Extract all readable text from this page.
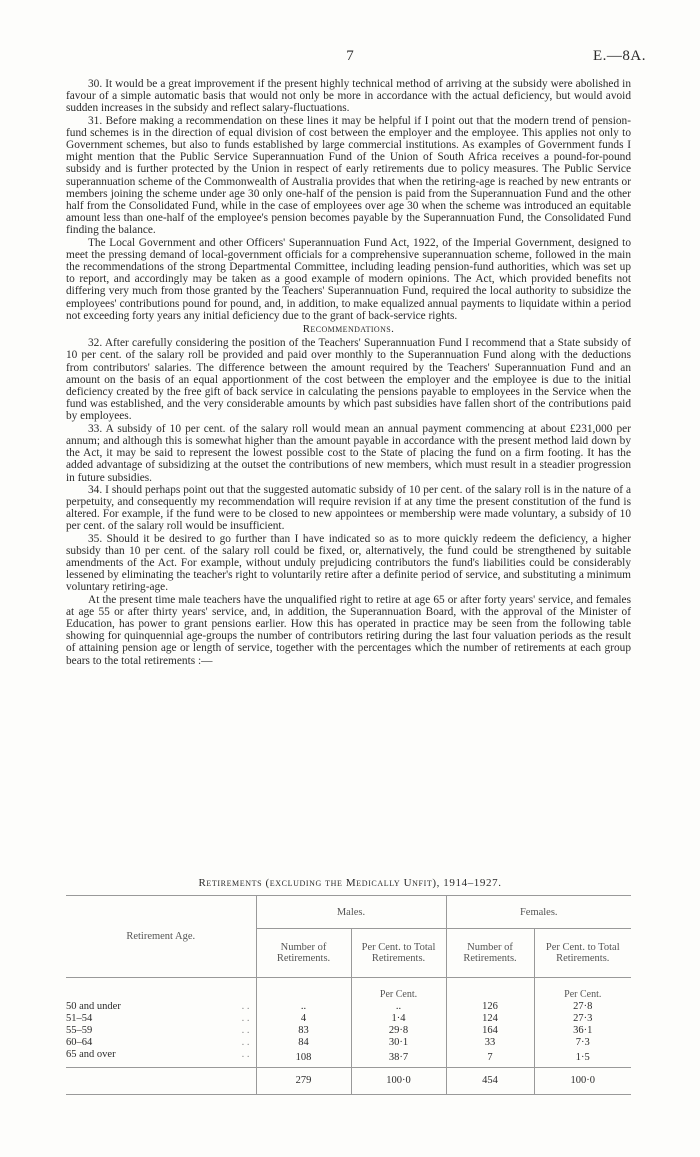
7	E.—8A.

30. It would be a great improvement if the present highly technical method of arriving at the subsidy were abolished in favour of a simple automatic basis that would not only be more in accordance with the actual deficiency, but would avoid sudden increases in the subsidy and reflect salary-fluctuations.

31. Before making a recommendation on these lines it may be helpful if I point out that the modern trend of pension-fund schemes is in the direction of equal division of cost between the employer and the employee. This applies not only to Government schemes, but also to funds established by large commercial institutions. As examples of Government funds I might mention that the Public Service Superannuation Fund of the Union of South Africa receives a pound-for-pound subsidy and is further protected by the Union in respect of early retirements due to policy measures. The Public Service superannuation scheme of the Commonwealth of Australia provides that when the retiring-age is reached by new entrants or members joining the scheme under age 30 only one-half of the pension is paid from the Superannuation Fund and the other half from the Consolidated Fund, while in the case of employees over age 30 when the scheme was introduced an equitable amount less than one-half of the employee's pension becomes payable by the Superannuation Fund, the Consolidated Fund finding the balance.

The Local Government and other Officers' Superannuation Fund Act, 1922, of the Imperial Government, designed to meet the pressing demand of local-government officials for a comprehensive superannuation scheme, followed in the main the recommendations of the strong Departmental Committee, including leading pension-fund authorities, which was set up to report, and accordingly may be taken as a good example of modern opinions. The Act, which provided benefits not differing very much from those granted by the Teachers' Superannuation Fund, required the local authority to subsidize the employees' contributions pound for pound, and, in addition, to make equalized annual payments to liquidate within a period not exceeding forty years any initial deficiency due to the grant of back-service rights.

Recommendations.

32. After carefully considering the position of the Teachers' Superannuation Fund I recommend that a State subsidy of 10 per cent. of the salary roll be provided and paid over monthly to the Superannuation Fund along with the deductions from contributors' salaries. The difference between the amount required by the Teachers' Superannuation Fund and an amount on the basis of an equal apportionment of the cost between the employer and the employee is due to the initial deficiency created by the free gift of back service in calculating the pensions payable to employees in the Service when the fund was established, and the very considerable amounts by which past subsidies have fallen short of the contributions paid by employees.

33. A subsidy of 10 per cent. of the salary roll would mean an annual payment commencing at about £231,000 per annum; and although this is somewhat higher than the amount payable in accordance with the present method laid down by the Act, it may be said to represent the lowest possible cost to the State of placing the fund on a firm footing. It has the added advantage of subsidizing at the outset the contributions of new members, which must result in a steadier progression in future subsidies.

34. I should perhaps point out that the suggested automatic subsidy of 10 per cent. of the salary roll is in the nature of a perpetuity, and consequently my recommendation will require revision if at any time the present constitution of the fund is altered. For example, if the fund were to be closed to new appointees or membership were made voluntary, a subsidy of 10 per cent. of the salary roll would be insufficient.

35. Should it be desired to go further than I have indicated so as to more quickly redeem the deficiency, a higher subsidy than 10 per cent. of the salary roll could be fixed, or, alternatively, the fund could be strengthened by suitable amendments of the Act. For example, without unduly prejudicing contributors the fund's liabilities could be considerably lessened by eliminating the teacher's right to voluntarily retire after a definite period of service, and substituting a minimum voluntary retiring-age.

At the present time male teachers have the unqualified right to retire at age 65 or after forty years' service, and females at age 55 or after thirty years' service, and, in addition, the Superannuation Board, with the approval of the Minister of Education, has power to grant pensions earlier. How this has operated in practice may be seen from the following table showing for quinquennial age-groups the number of contributors retiring during the last four valuation periods as the result of attaining pension age or length of service, together with the percentages which the number of retirements at each group bears to the total retirements :—

Retirements (excluding the Medically Unfit), 1914–1927.
Retirement Age.	Males.		Females.	
	Number of Retirements.	Per Cent. to Total Retirements.	Number of Retirements.	Per Cent. to Total Retirements.
		Per Cent.		Per Cent.
50 and under . .	..	..	126	27·8
51–54 . .	4	1·4	124	27·3
55–59 . .	83	29·8	164	36·1
60–64 . .	84	30·1	33	7·3
65 and over . .	108	38·7	7	1·5
	279	100·0	454	100·0
